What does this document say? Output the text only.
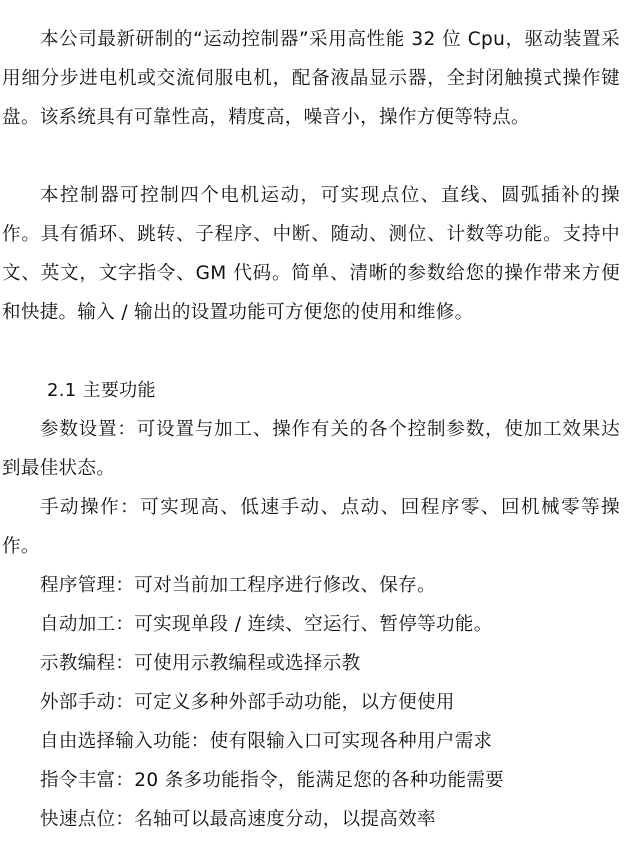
本公司最新研制的“运动控制器”采用高性能 32 位 Cpu，驱动装置采用细分步进电机或交流伺服电机，配备液晶显示器，全封闭触摸式操作键盘。该系统具有可靠性高，精度高，噪音小，操作方便等特点。

本控制器可控制四个电机运动，可实现点位、直线、圆弧插补的操作。具有循环、跳转、子程序、中断、随动、测位、计数等功能。支持中文、英文，文字指令、GM 代码。简单、清晰的参数给您的操作带来方便和快捷。输入 / 输出的设置功能可方便您的使用和维修。

2.1 主要功能

参数设置：可设置与加工、操作有关的各个控制参数，使加工效果达到最佳状态。

手动操作：可实现高、低速手动、点动、回程序零、回机械零等操作。

程序管理：可对当前加工程序进行修改、保存。

自动加工：可实现单段 / 连续、空运行、暂停等功能。

示教编程：可使用示教编程或选择示教

外部手动：可定义多种外部手动功能，以方便使用

自由选择输入功能：使有限输入口可实现各种用户需求

指令丰富：20 条多功能指令，能满足您的各种功能需要

快速点位：名轴可以最高速度分动，以提高效率
